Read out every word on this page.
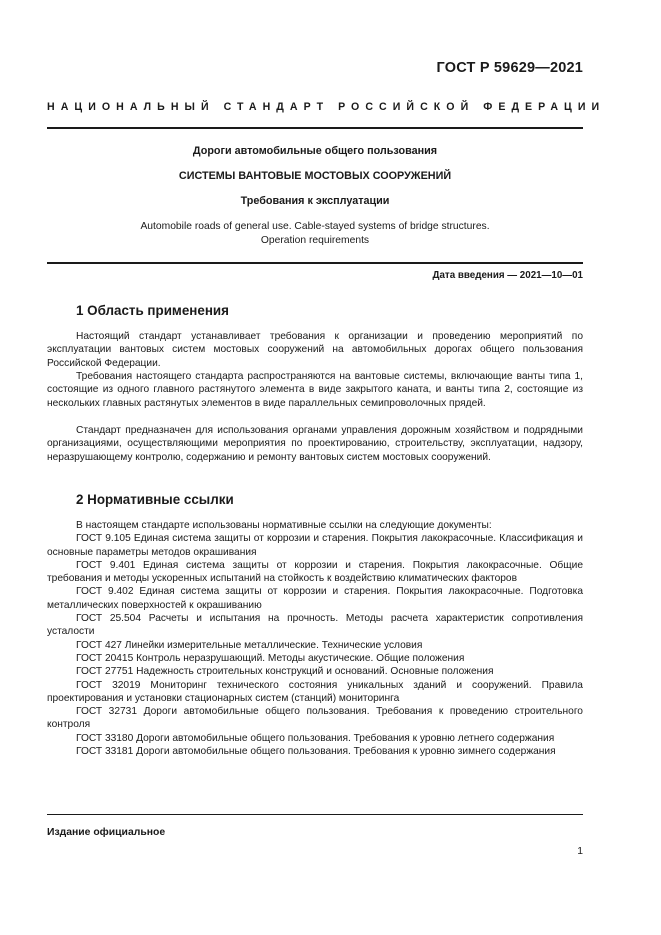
ГОСТ Р 59629—2021
НАЦИОНАЛЬНЫЙ СТАНДАРТ РОССИЙСКОЙ ФЕДЕРАЦИИ
Дороги автомобильные общего пользования
СИСТЕМЫ ВАНТОВЫЕ МОСТОВЫХ СООРУЖЕНИЙ
Требования к эксплуатации
Automobile roads of general use. Cable-stayed systems of bridge structures.
Operation requirements
Дата введения — 2021—10—01
1 Область применения

Настоящий стандарт устанавливает требования к организации и проведению мероприятий по эксплуатации вантовых систем мостовых сооружений на автомобильных дорогах общего пользования Российской Федерации.

Требования настоящего стандарта распространяются на вантовые системы, включающие ванты типа 1, состоящие из одного главного растянутого элемента в виде закрытого каната, и ванты типа 2, состоящие из нескольких главных растянутых элементов в виде параллельных семипроволочных прядей.

Стандарт предназначен для использования органами управления дорожным хозяйством и подрядными организациями, осуществляющими мероприятия по проектированию, строительству, эксплуатации, надзору, неразрушающему контролю, содержанию и ремонту вантовых систем мостовых сооружений.

2 Нормативные ссылки

В настоящем стандарте использованы нормативные ссылки на следующие документы:

ГОСТ 9.105 Единая система защиты от коррозии и старения. Покрытия лакокрасочные. Классификация и основные параметры методов окрашивания

ГОСТ 9.401 Единая система защиты от коррозии и старения. Покрытия лакокрасочные. Общие требования и методы ускоренных испытаний на стойкость к воздействию климатических факторов

ГОСТ 9.402 Единая система защиты от коррозии и старения. Покрытия лакокрасочные. Подготовка металлических поверхностей к окрашиванию

ГОСТ 25.504 Расчеты и испытания на прочность. Методы расчета характеристик сопротивления усталости

ГОСТ 427 Линейки измерительные металлические. Технические условия

ГОСТ 20415 Контроль неразрушающий. Методы акустические. Общие положения

ГОСТ 27751 Надежность строительных конструкций и оснований. Основные положения

ГОСТ 32019 Мониторинг технического состояния уникальных зданий и сооружений. Правила проектирования и установки стационарных систем (станций) мониторинга

ГОСТ 32731 Дороги автомобильные общего пользования. Требования к проведению строительного контроля

ГОСТ 33180 Дороги автомобильные общего пользования. Требования к уровню летнего содержания

ГОСТ 33181 Дороги автомобильные общего пользования. Требования к уровню зимнего содержания

Издание официальное
1
